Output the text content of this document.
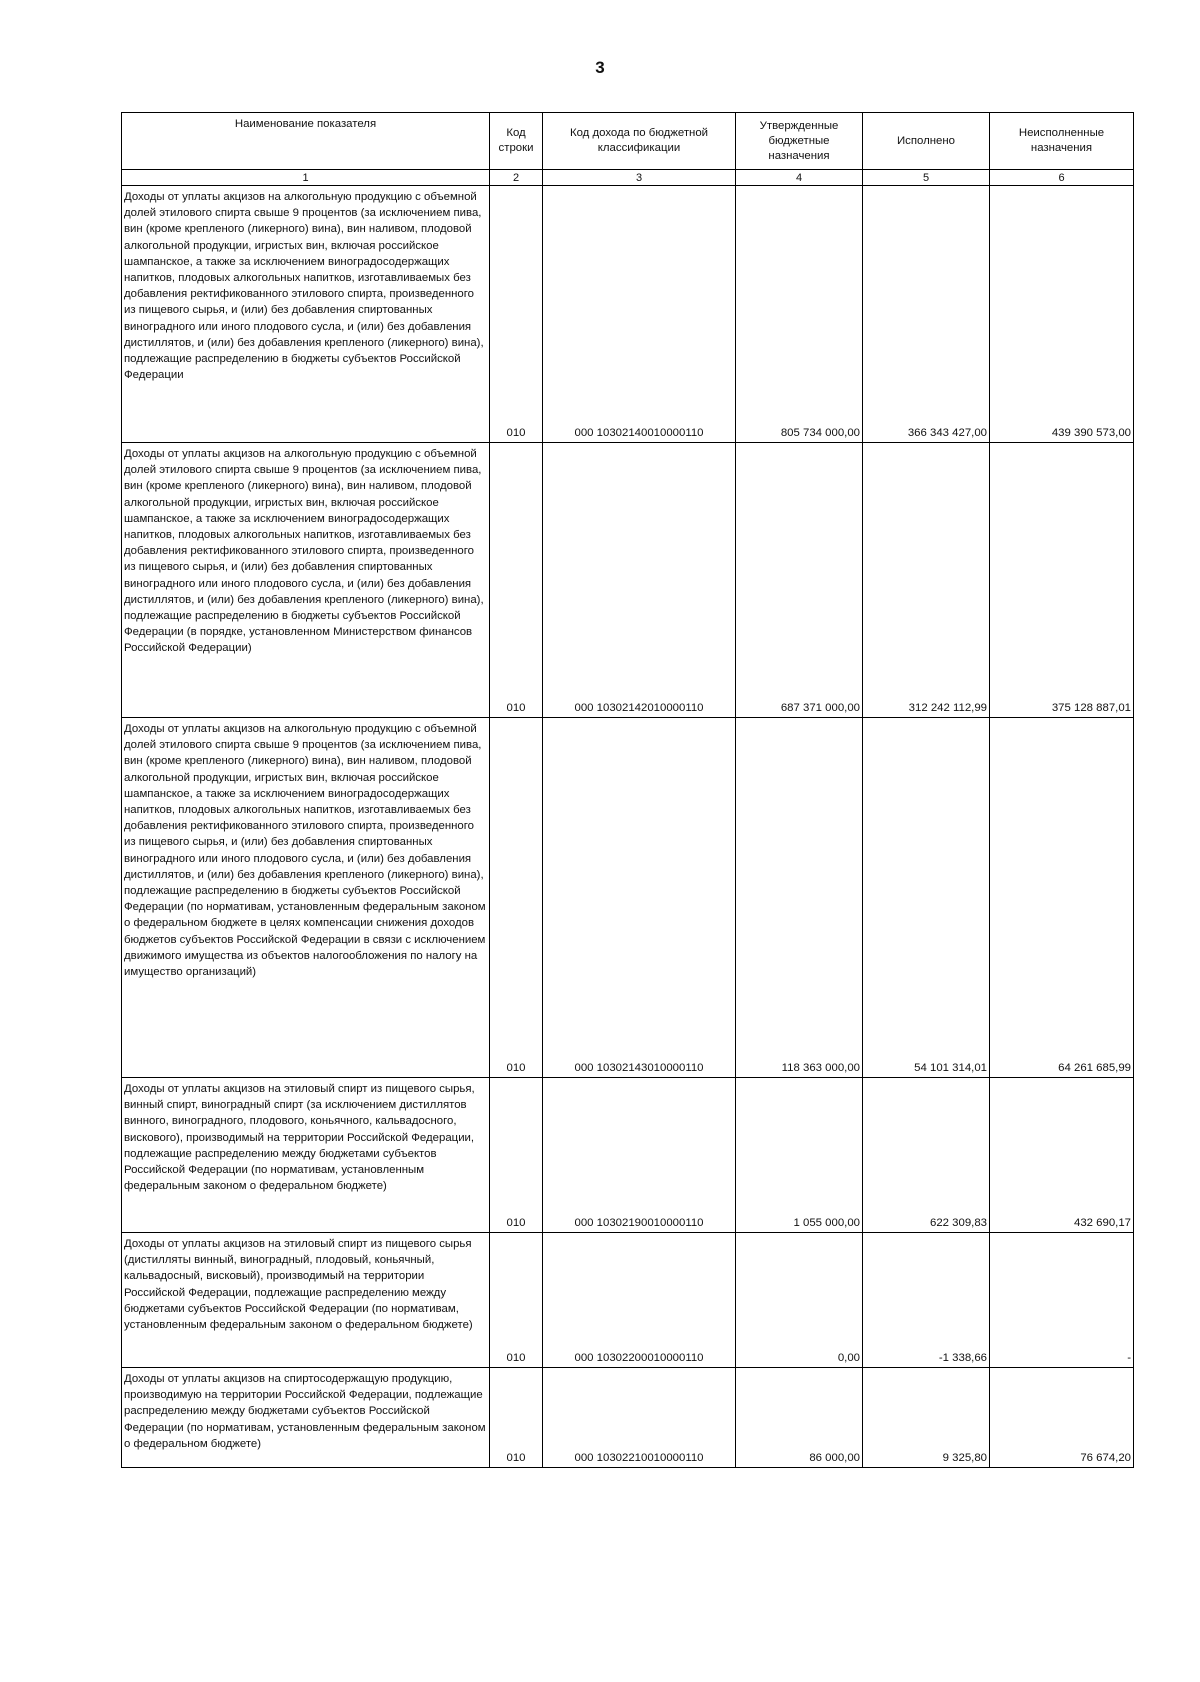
3
Наименование показателя	Код строки	Код дохода по бюджетной классификации	Утвержденные бюджетные назначения	Исполнено	Неисполненные назначения
1	2	3	4	5	6
Доходы от уплаты акцизов на алкогольную продукцию с объемной долей этилового спирта свыше 9 процентов (за исключением пива, вин (кроме крепленого (ликерного) вина), вин наливом, плодовой алкогольной продукции, игристых вин, включая российское шампанское, а также за исключением виноградосодержащих напитков, плодовых алкогольных напитков, изготавливаемых без добавления ректификованного этилового спирта, произведенного из пищевого сырья, и (или) без добавления спиртованных виноградного или иного плодового сусла, и (или) без добавления дистиллятов, и (или) без добавления крепленого (ликерного) вина), подлежащие распределению в бюджеты субъектов Российской Федерации	010	000 10302140010000110	805 734 000,00	366 343 427,00	439 390 573,00
Доходы от уплаты акцизов на алкогольную продукцию с объемной долей этилового спирта свыше 9 процентов (за исключением пива, вин (кроме крепленого (ликерного) вина), вин наливом, плодовой алкогольной продукции, игристых вин, включая российское шампанское, а также за исключением виноградосодержащих напитков, плодовых алкогольных напитков, изготавливаемых без добавления ректификованного этилового спирта, произведенного из пищевого сырья, и (или) без добавления спиртованных виноградного или иного плодового сусла, и (или) без добавления дистиллятов, и (или) без добавления крепленого (ликерного) вина), подлежащие распределению в бюджеты субъектов Российской Федерации (в порядке, установленном Министерством финансов Российской Федерации)	010	000 10302142010000110	687 371 000,00	312 242 112,99	375 128 887,01
Доходы от уплаты акцизов на алкогольную продукцию с объемной долей этилового спирта свыше 9 процентов (за исключением пива, вин (кроме крепленого (ликерного) вина), вин наливом, плодовой алкогольной продукции, игристых вин, включая российское шампанское, а также за исключением виноградосодержащих напитков, плодовых алкогольных напитков, изготавливаемых без добавления ректификованного этилового спирта, произведенного из пищевого сырья, и (или) без добавления спиртованных виноградного или иного плодового сусла, и (или) без добавления дистиллятов, и (или) без добавления крепленого (ликерного) вина), подлежащие распределению в бюджеты субъектов Российской Федерации (по нормативам, установленным федеральным законом о федеральном бюджете в целях компенсации снижения доходов бюджетов субъектов Российской Федерации в связи с исключением движимого имущества из объектов налогообложения по налогу на имущество организаций)	010	000 10302143010000110	118 363 000,00	54 101 314,01	64 261 685,99
Доходы от уплаты акцизов на этиловый спирт из пищевого сырья, винный спирт, виноградный спирт (за исключением дистиллятов винного, виноградного, плодового, коньячного, кальвадосного, вискового), производимый на территории Российской Федерации, подлежащие распределению между бюджетами субъектов Российской Федерации (по нормативам, установленным федеральным законом о федеральном бюджете)	010	000 10302190010000110	1 055 000,00	622 309,83	432 690,17
Доходы от уплаты акцизов на этиловый спирт из пищевого сырья (дистилляты винный, виноградный, плодовый, коньячный, кальвадосный, висковый), производимый на территории Российской Федерации, подлежащие распределению между бюджетами субъектов Российской Федерации (по нормативам, установленным федеральным законом о федеральном бюджете)	010	000 10302200010000110	0,00	-1 338,66	-
Доходы от уплаты акцизов на спиртосодержащую продукцию, производимую на территории Российской Федерации, подлежащие распределению между бюджетами субъектов Российской Федерации (по нормативам, установленным федеральным законом о федеральном бюджете)	010	000 10302210010000110	86 000,00	9 325,80	76 674,20
